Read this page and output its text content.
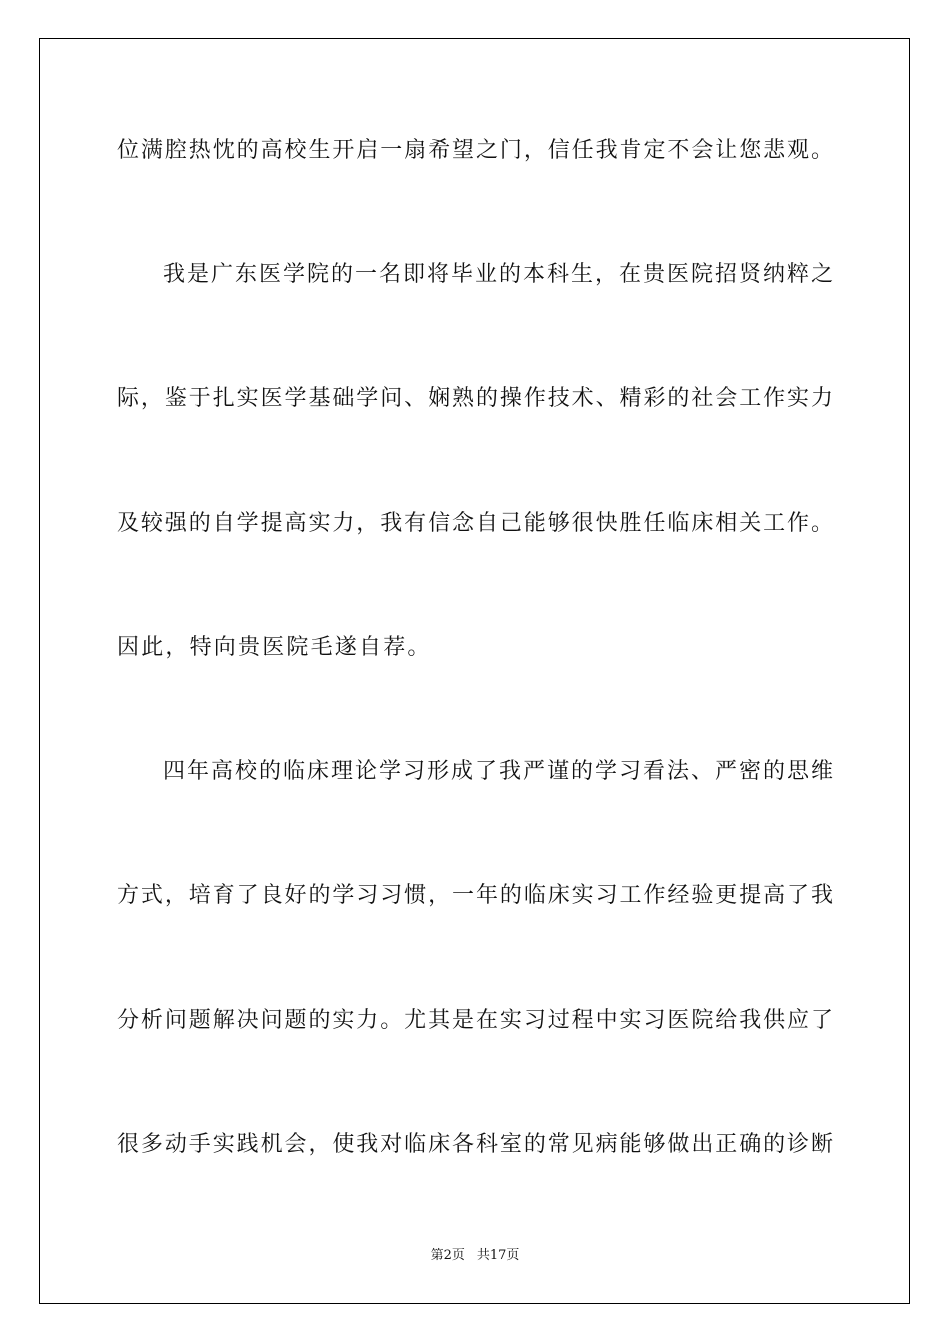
位满腔热忱的高校生开启一扇希望之门，信任我肯定不会让您悲观。
我是广东医学院的一名即将毕业的本科生，在贵医院招贤纳粹之
际，鉴于扎实医学基础学问、娴熟的操作技术、精彩的社会工作实力
及较强的自学提高实力，我有信念自己能够很快胜任临床相关工作。
因此，特向贵医院毛遂自荐。
四年高校的临床理论学习形成了我严谨的学习看法、严密的思维
方式，培育了良好的学习习惯，一年的临床实习工作经验更提高了我
分析问题解决问题的实力。尤其是在实习过程中实习医院给我供应了
很多动手实践机会，使我对临床各科室的常见病能够做出正确的诊断
第2页 共17页
